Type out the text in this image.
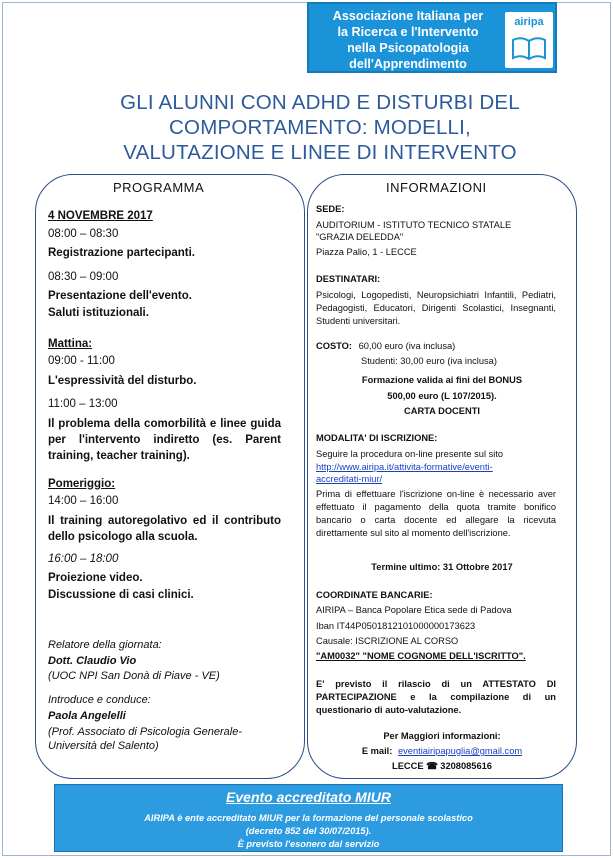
Associazione Italiana per
la Ricerca e l'Intervento
nella Psicopatologia
dell'Apprendimento
airipa
GLI ALUNNI CON ADHD E DISTURBI DEL
COMPORTAMENTO: MODELLI,
VALUTAZIONE E LINEE DI INTERVENTO
PROGRAMMA
4 NOVEMBRE 2017
08:00 – 08:30
Registrazione partecipanti.
08:30 – 09:00
Presentazione dell'evento.
Saluti istituzionali.
Mattina:
09:00 - 11:00
L'espressività del disturbo.
11:00 – 13:00
Il problema della comorbilità e linee guida per l'intervento indiretto (es. Parent training, teacher training).
Pomeriggio:
14:00 – 16:00
Il training autoregolativo ed il contributo dello psicologo alla scuola.
16:00 – 18:00
Proiezione video.
Discussione di casi clinici.
Relatore della giornata:
Dott. Claudio Vio
(UOC NPI San Donà di Piave - VE)
Introduce e conduce:
Paola Angelelli
(Prof. Associato di Psicologia Generale-
Università del Salento)
INFORMAZIONI
SEDE:
AUDITORIUM - ISTITUTO TECNICO STATALE
"GRAZIA DELEDDA"
Piazza Palio, 1 - LECCE
DESTINATARI:
Psicologi, Logopedisti, Neuropsichiatri Infantili, Pediatri, Pedagogisti, Educatori, Dirigenti Scolastici, Insegnanti, Studenti universitari.
COSTO: 60,00 euro (iva inclusa)
Studenti: 30,00 euro (iva inclusa)
Formazione valida ai fini del BONUS
500,00 euro (L 107/2015).
CARTA DOCENTI
MODALITA' DI ISCRIZIONE:
Seguire la procedura on-line presente sul sito
http://www.airipa.it/attivita-formative/eventi-
accreditati-miur/
Prima di effettuare l'iscrizione on-line è necessario aver effettuato il pagamento della quota tramite bonifico bancario o carta docente ed allegare la ricevuta direttamente sul sito al momento dell'iscrizione.
Termine ultimo: 31 Ottobre 2017
COORDINATE BANCARIE:
AIRIPA – Banca Popolare Etica sede di Padova
Iban IT44P0501812101000000173623
Causale: ISCRIZIONE AL CORSO
"AM0032" "NOME COGNOME DELL'ISCRITTO".
E' previsto il rilascio di un ATTESTATO DI PARTECIPAZIONE e la compilazione di un questionario di auto-valutazione.
Per Maggiori informazioni:
E mail: eventiairipapuglia@gmail.com
LECCE ☎ 3208085616
Evento accreditato MIUR
AIRIPA è ente accreditato MIUR per la formazione del personale scolastico
(decreto 852 del 30/07/2015).
È previsto l'esonero dal servizio
